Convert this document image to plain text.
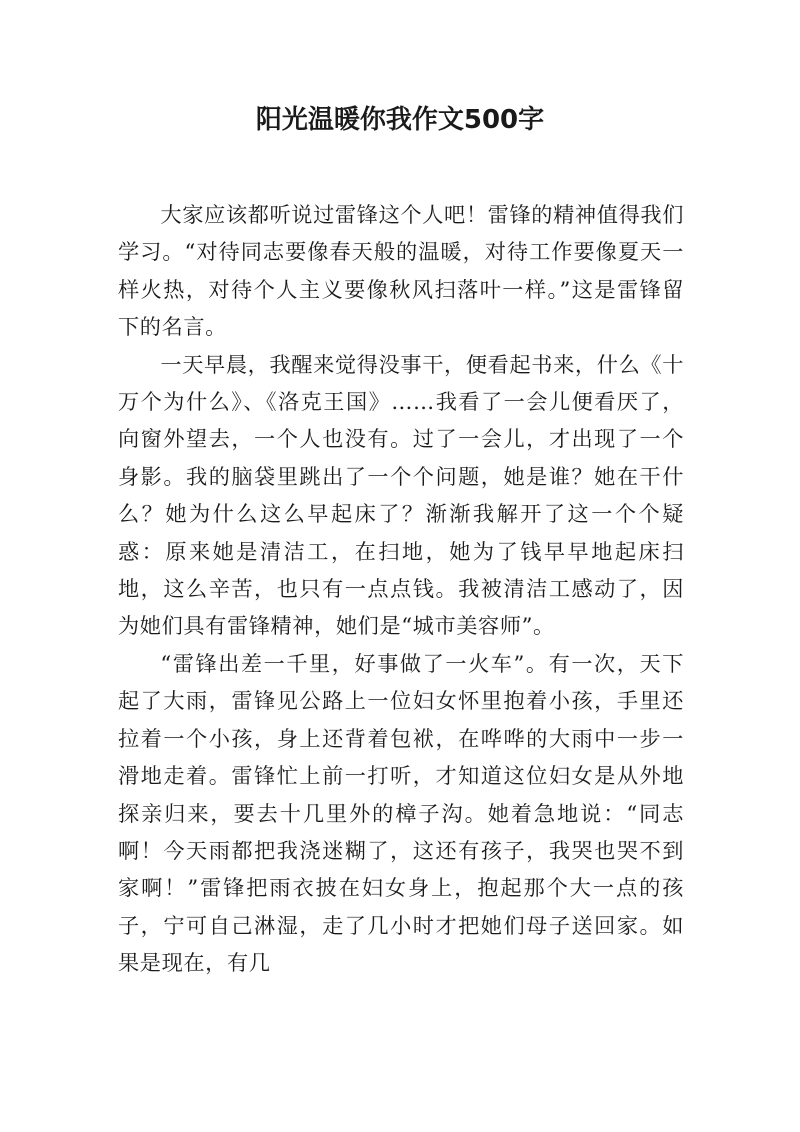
阳光温暖你我作文500字

大家应该都听说过雷锋这个人吧！雷锋的精神值得我们学习。“对待同志要像春天般的温暖，对待工作要像夏天一样火热，对待个人主义要像秋风扫落叶一样。”这是雷锋留下的名言。

一天早晨，我醒来觉得没事干，便看起书来，什么《十万个为什么》、《洛克王国》……我看了一会儿便看厌了，向窗外望去，一个人也没有。过了一会儿，才出现了一个身影。我的脑袋里跳出了一个个问题，她是谁？她在干什么？她为什么这么早起床了？渐渐我解开了这一个个疑惑：原来她是清洁工，在扫地，她为了钱早早地起床扫地，这么辛苦，也只有一点点钱。我被清洁工感动了，因为她们具有雷锋精神，她们是“城市美容师”。

“雷锋出差一千里，好事做了一火车”。有一次，天下起了大雨，雷锋见公路上一位妇女怀里抱着小孩，手里还拉着一个小孩，身上还背着包袱，在哗哗的大雨中一步一滑地走着。雷锋忙上前一打听，才知道这位妇女是从外地探亲归来，要去十几里外的樟子沟。她着急地说：“同志啊！今天雨都把我浇迷糊了，这还有孩子，我哭也哭不到家啊！”雷锋把雨衣披在妇女身上，抱起那个大一点的孩子，宁可自己淋湿，走了几小时才把她们母子送回家。如果是现在，有几
